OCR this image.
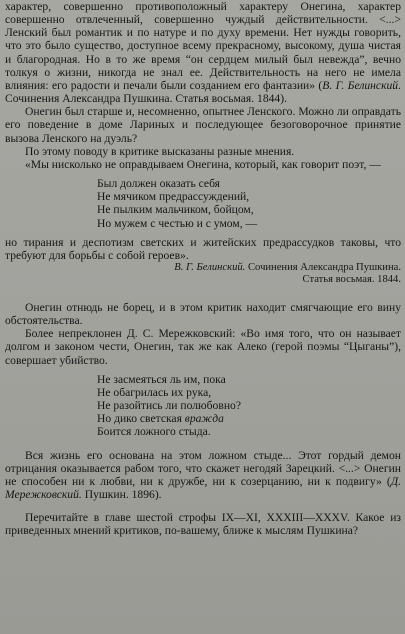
характер, совершенно противоположный характеру Онегина, характер совершенно отвлеченный, совершенно чуждый действительности. <...> Ленский был романтик и по натуре и по духу времени. Нет нужды говорить, что это было существо, доступное всему прекрасному, высокому, душа чистая и благородная. Но в то же время “он сердцем милый был невежда”, вечно толкуя о жизни, никогда не знал ее. Действительность на него не имела влияния: его радости и печали были созданием его фантазии» (В. Г. Белинский. Сочинения Александра Пушкина. Статья восьмая. 1844).

Онегин был старше и, несомненно, опытнее Ленского. Можно ли оправдать его поведение в доме Лариных и последующее безоговорочное принятие вызова Ленского на дуэль?

По этому поводу в критике высказаны разные мнения.

«Мы нисколько не оправдываем Онегина, который, как говорит поэт, —

Был должен оказать себя
Не мячиком предрассуждений,
Не пылким мальчиком, бойцом,
Но мужем с честью и с умом, —

но тирания и деспотизм светских и житейских предрассудков таковы, что требуют для борьбы с собой героев».

В. Г. Белинский. Сочинения Александра Пушкина.
Статья восьмая. 1844.

Онегин отнюдь не борец, и в этом критик находит смягчающие его вину обстоятельства.

Более непреклонен Д. С. Мережковский: «Во имя того, что он называет долгом и законом чести, Онегин, так же как Алеко (герой поэмы “Цыганы”), совершает убийство.

Не засмеяться ль им, пока
Не обагрилась их рука,
Не разойтись ли полюбовно?
Но дико светская вражда
Боится ложного стыда.

Вся жизнь его основана на этом ложном стыде... Этот гордый демон отрицания оказывается рабом того, что скажет негодяй Зарецкий. <...> Онегин не способен ни к любви, ни к дружбе, ни к созерцанию, ни к подвигу» (Д. Мережковский. Пушкин. 1896).

Перечитайте в главе шестой строфы IX—XI, XXXIII—XXXV. Какое из приведенных мнений критиков, по-вашему, ближе к мыслям Пушкина?
